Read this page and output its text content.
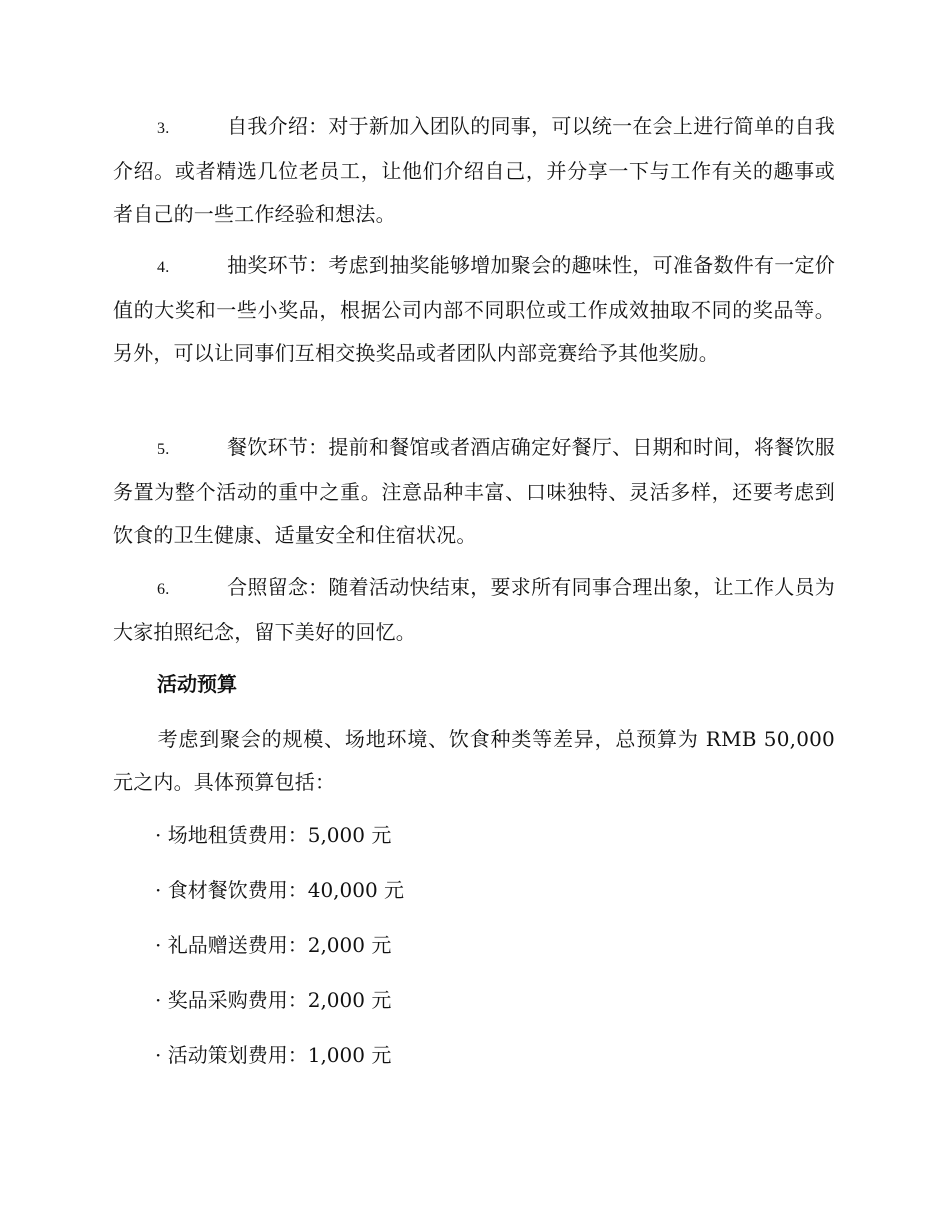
3.	自我介绍：对于新加入团队的同事，可以统一在会上进行简单的自我介绍。或者精选几位老员工，让他们介绍自己，并分享一下与工作有关的趣事或者自己的一些工作经验和想法。

4.	抽奖环节：考虑到抽奖能够增加聚会的趣味性，可准备数件有一定价值的大奖和一些小奖品，根据公司内部不同职位或工作成效抽取不同的奖品等。另外，可以让同事们互相交换奖品或者团队内部竞赛给予其他奖励。

5.	餐饮环节：提前和餐馆或者酒店确定好餐厅、日期和时间，将餐饮服务置为整个活动的重中之重。注意品种丰富、口味独特、灵活多样，还要考虑到饮食的卫生健康、适量安全和住宿状况。

6.	合照留念：随着活动快结束，要求所有同事合理出象，让工作人员为大家拍照纪念，留下美好的回忆。

活动预算

考虑到聚会的规模、场地环境、饮食种类等差异，总预算为 RMB 50,000 元之内。具体预算包括：

· 场地租赁费用：5,000 元

· 食材餐饮费用：40,000 元

· 礼品赠送费用：2,000 元

· 奖品采购费用：2,000 元

· 活动策划费用：1,000 元
